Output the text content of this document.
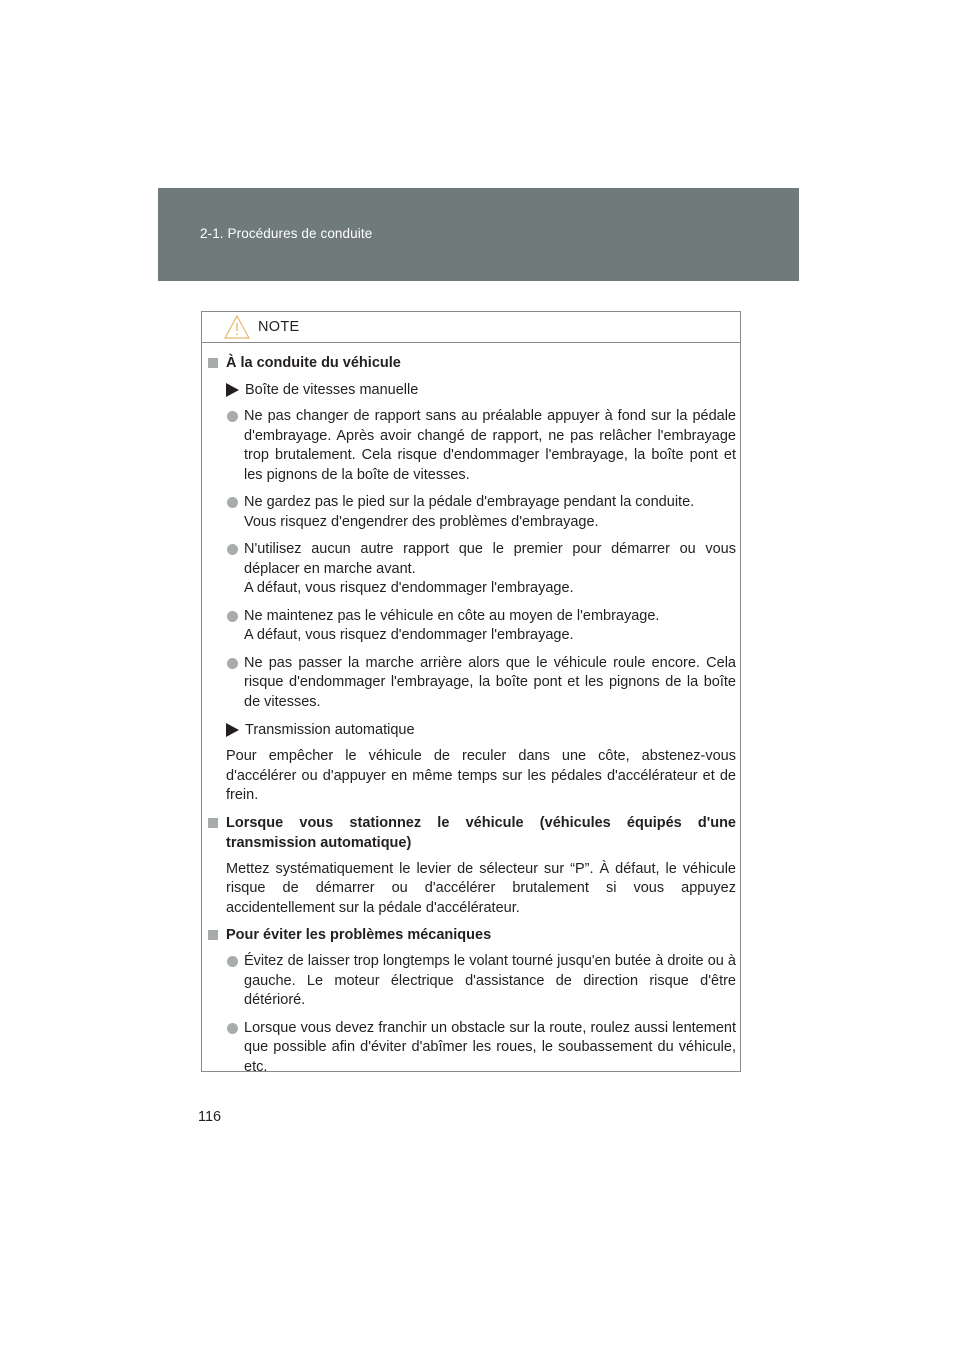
2-1. Procédures de conduite
NOTE

À la conduite du véhicule

Boîte de vitesses manuelle

Ne pas changer de rapport sans au préalable appuyer à fond sur la pédale d'embrayage. Après avoir changé de rapport, ne pas relâcher l'embrayage trop brutalement. Cela risque d'endommager l'embrayage, la boîte pont et les pignons de la boîte de vitesses.
Ne gardez pas le pied sur la pédale d'embrayage pendant la conduite.
Vous risquez d'engendrer des problèmes d'embrayage.
N'utilisez aucun autre rapport que le premier pour démarrer ou vous déplacer en marche avant.
A défaut, vous risquez d'endommager l'embrayage.
Ne maintenez pas le véhicule en côte au moyen de l'embrayage.
A défaut, vous risquez d'endommager l'embrayage.
Ne pas passer la marche arrière alors que le véhicule roule encore. Cela risque d'endommager l'embrayage, la boîte pont et les pignons de la boîte de vitesses.

Transmission automatique

Pour empêcher le véhicule de reculer dans une côte, abstenez-vous d'accélérer ou d'appuyer en même temps sur les pédales d'accélérateur et de frein.

Lorsque vous stationnez le véhicule (véhicules équipés d'une transmission automatique)

Mettez systématiquement le levier de sélecteur sur “P”. À défaut, le véhicule risque de démarrer ou d'accélérer brutalement si vous appuyez accidentellement sur la pédale d'accélérateur.

Pour éviter les problèmes mécaniques

Évitez de laisser trop longtemps le volant tourné jusqu'en butée à droite ou à gauche. Le moteur électrique d'assistance de direction risque d'être détérioré.
Lorsque vous devez franchir un obstacle sur la route, roulez aussi lentement que possible afin d'éviter d'abîmer les roues, le soubassement du véhicule, etc.
116
